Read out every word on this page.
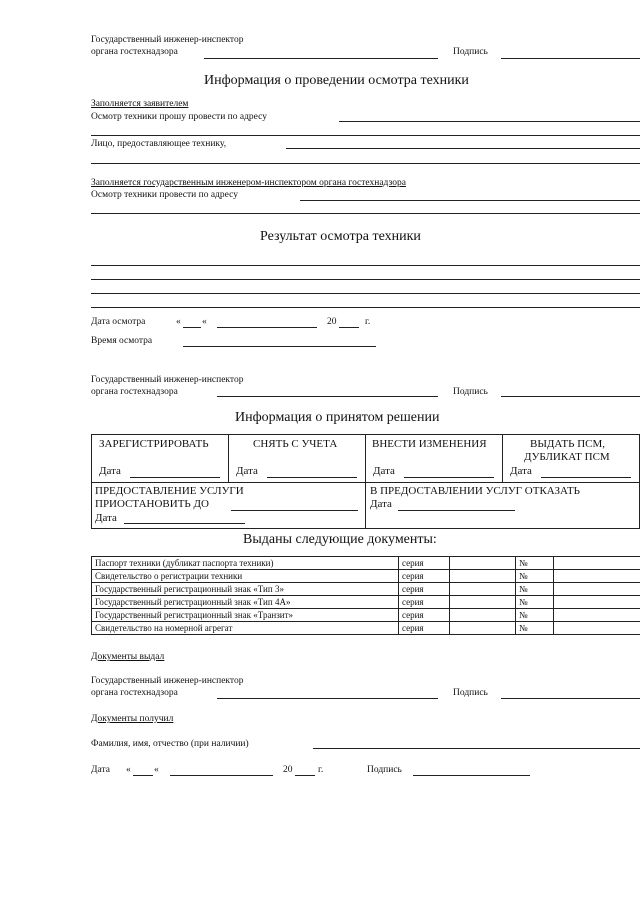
Государственный инженер-инспектор
органа гостехнадзора	Подпись
Информация о проведении осмотра техники
Заполняется заявителем
Осмотр техники прошу провести по адресу
Лицо, предоставляющее технику,
Заполняется государственным инженером-инспектором органа гостехнадзора
Осмотр техники провести по адресу
Результат осмотра техники
Дата осмотра	« «	20	г.
Время осмотра
Государственный инженер-инспектор
органа гостехнадзора	Подпись
Информация о принятом решении
ЗАРЕГИСТРИРОВАТЬ	СНЯТЬ С УЧЕТА	ВНЕСТИ ИЗМЕНЕНИЯ	ВЫДАТЬ ПСМ,
ДУБЛИКАТ ПСМ
Дата	Дата	Дата	Дата
ПРЕДОСТАВЛЕНИЕ УСЛУГИ
ПРИОСТАНОВИТЬ ДО
Дата
В ПРЕДОСТАВЛЕНИИ УСЛУГ ОТКАЗАТЬ
Дата
Выданы следующие документы:
Паспорт техники (дубликат паспорта техники)	серия		№	
Свидетельство о регистрации техники	серия		№	
Государственный регистрационный знак «Тип 3»	серия		№	
Государственный регистрационный знак «Тип 4А»	серия		№	
Государственный регистрационный знак «Транзит»	серия		№	
Свидетельство на номерной агрегат	серия		№	
Документы выдал
Государственный инженер-инспектор
органа гостехнадзора	Подпись
Документы получил
Фамилия, имя, отчество (при наличии)
Дата « «	20	г.	Подпись
